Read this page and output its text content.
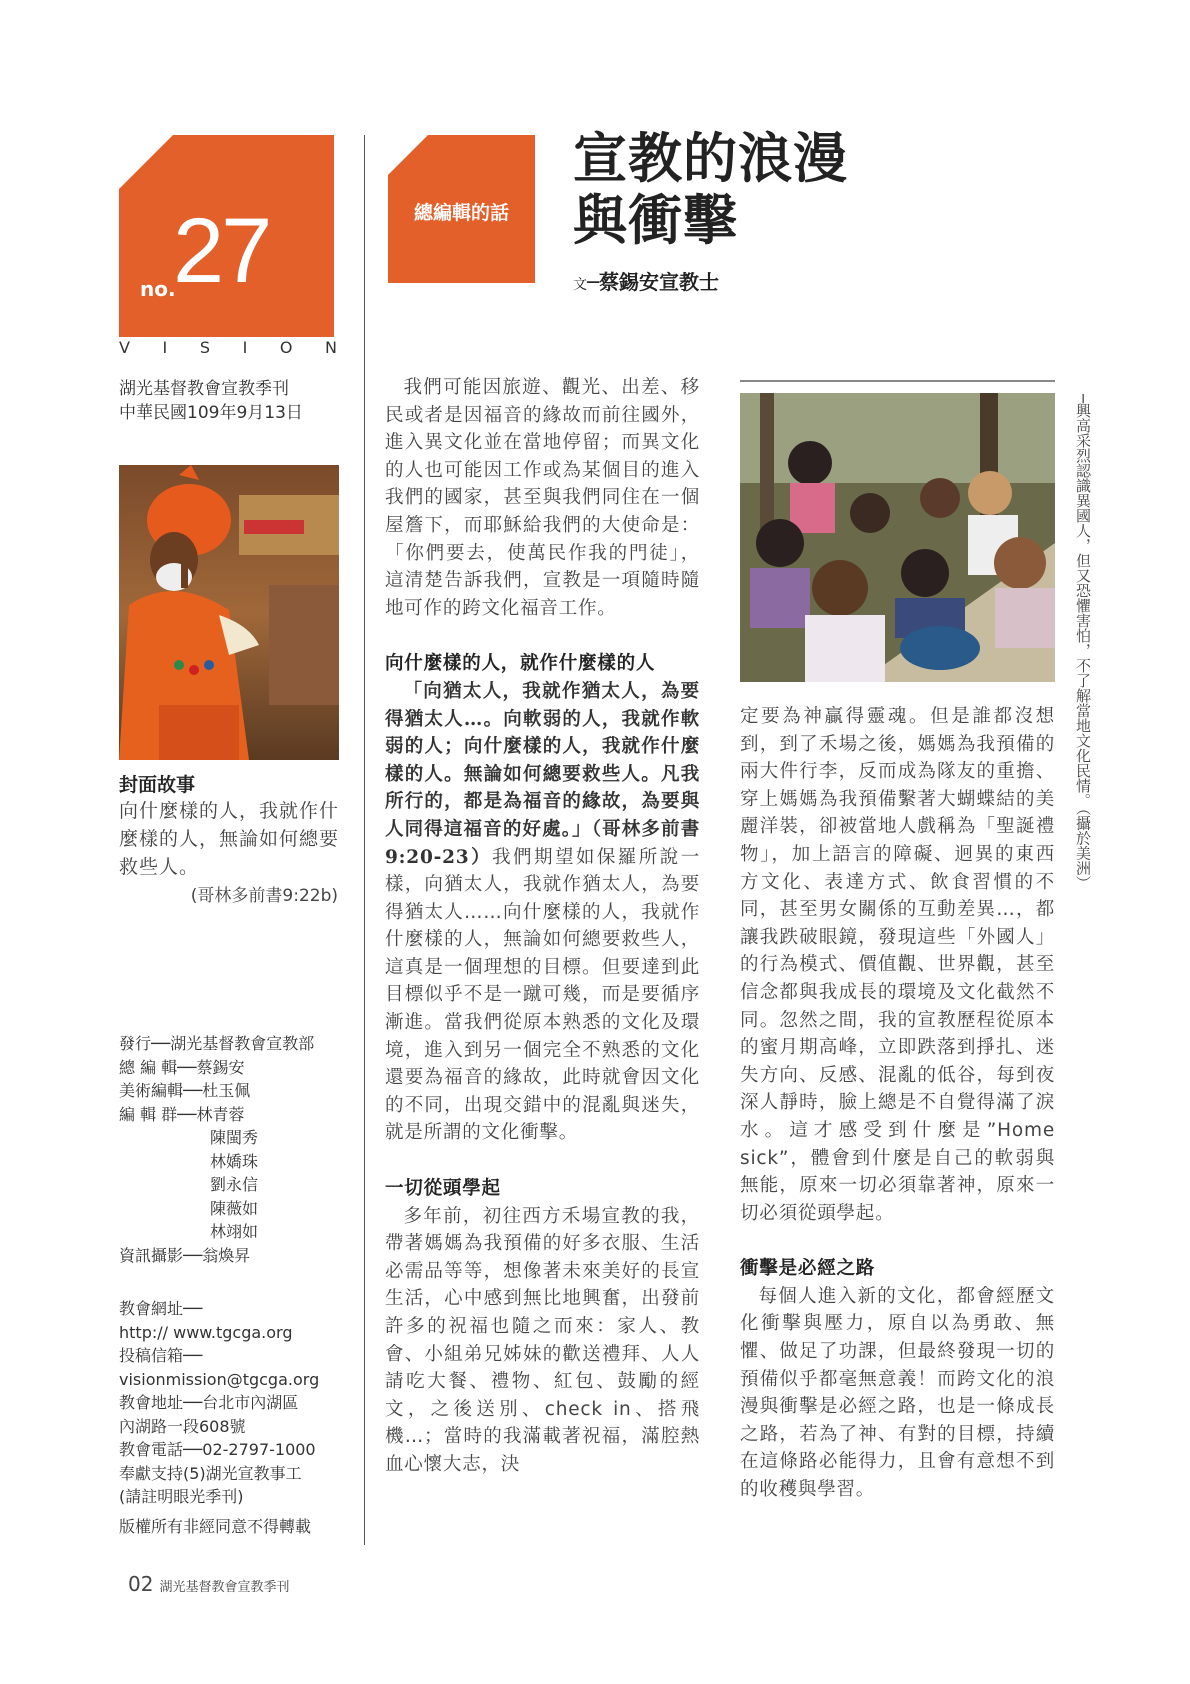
no.
27
V I S I O N
湖光基督教會宣教季刊
中華民國109年9月13日
封面故事
向什麼樣的人，我就作什麼樣的人，無論如何總要救些人。
(哥林多前書9:22b)
發行──湖光基督教會宣教部
總 編 輯──蔡錫安
美術編輯──杜玉佩
編 輯 群──林青蓉
陳閩秀
林嬌珠
劉永信
陳薇如
林翊如
資訊攝影──翁煥昇
教會網址──
http:// www.tgcga.org
投稿信箱──
visionmission@tgcga.org
教會地址──台北市內湖區
內湖路一段608號
教會電話──02-2797-1000
奉獻支持(5)湖光宣教事工
(請註明眼光季刊)
版權所有非經同意不得轉載
總編輯的話
宣教的浪漫
與衝擊
文─蔡錫安宣教士

我們可能因旅遊、觀光、出差、移民或者是因福音的緣故而前往國外，進入異文化並在當地停留；而異文化的人也可能因工作或為某個目的進入我們的國家，甚至與我們同住在一個屋簷下，而耶穌給我們的大使命是：「你們要去，使萬民作我的門徒」，這清楚告訴我們，宣教是一項隨時隨地可作的跨文化福音工作。

向什麼樣的人，就作什麼樣的人

「向猶太人，我就作猶太人，為要得猶太人…。向軟弱的人，我就作軟弱的人；向什麼樣的人，我就作什麼樣的人。無論如何總要救些人。凡我所行的，都是為福音的緣故，為要與人同得這福音的好處。」（哥林多前書9:20-23）我們期望如保羅所說一樣，向猶太人，我就作猶太人，為要得猶太人……向什麼樣的人，我就作什麼樣的人，無論如何總要救些人，這真是一個理想的目標。但要達到此目標似乎不是一蹴可幾，而是要循序漸進。當我們從原本熟悉的文化及環境，進入到另一個完全不熟悉的文化還要為福音的緣故，此時就會因文化的不同，出現交錯中的混亂與迷失，就是所謂的文化衝擊。

一切從頭學起

多年前，初往西方禾場宣教的我，帶著媽媽為我預備的好多衣服、生活必需品等等，想像著未來美好的長宣生活，心中感到無比地興奮，出發前許多的祝福也隨之而來：家人、教會、小組弟兄姊妹的歡送禮拜、人人請吃大餐、禮物、紅包、鼓勵的經文，之後送別、check in、搭飛機…；當時的我滿載著祝福，滿腔熱血心懷大志，決

─興高采烈認識異國人，但又恐懼害怕，不了解當地文化民情。（攝於美洲）

定要為神贏得靈魂。但是誰都沒想到，到了禾場之後，媽媽為我預備的兩大件行李，反而成為隊友的重擔、穿上媽媽為我預備繫著大蝴蝶結的美麗洋裝，卻被當地人戲稱為「聖誕禮物」，加上語言的障礙、迥異的東西方文化、表達方式、飲食習慣的不同，甚至男女關係的互動差異…，都讓我跌破眼鏡，發現這些「外國人」的行為模式、價值觀、世界觀，甚至信念都與我成長的環境及文化截然不同。忽然之間，我的宣教歷程從原本的蜜月期高峰，立即跌落到掙扎、迷失方向、反感、混亂的低谷，每到夜深人靜時，臉上總是不自覺得滿了淚水。這才感受到什麼是”Home sick”，體會到什麼是自己的軟弱與無能，原來一切必須靠著神，原來一切必須從頭學起。

衝擊是必經之路

每個人進入新的文化，都會經歷文化衝擊與壓力，原自以為勇敢、無懼、做足了功課，但最終發現一切的預備似乎都毫無意義！而跨文化的浪漫與衝擊是必經之路，也是一條成長之路，若為了神、有對的目標，持續在這條路必能得力，且會有意想不到的收穫與學習。

02 湖光基督教會宣教季刊
